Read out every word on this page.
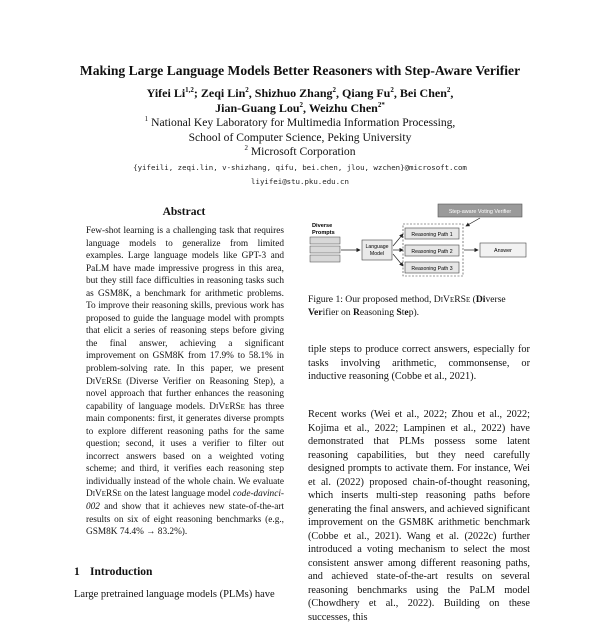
Making Large Language Models Better Reasoners with Step-Aware Verifier
Yifei Li$^{1,2}$; Zeqi Lin$^2$, Shizhuo Zhang$^2$, Qiang Fu$^2$, Bei Chen$^2$,
Jian-Guang Lou$^2$, Weizhu Chen$^{2*}$
$^1$ National Key Laboratory for Multimedia Information Processing,
School of Computer Science, Peking University
$^2$ Microsoft Corporation
{yifeili, zeqi.lin, v-shizhang, qifu, bei.chen, jlou, wzchen}@microsoft.com
liyifei@stu.pku.edu.cn
Abstract

Few-shot learning is a challenging task that requires language models to generalize from limited examples. Large language models like GPT-3 and PaLM have made impressive progress in this area, but they still face difficulties in reasoning tasks such as GSM8K, a benchmark for arithmetic problems. To improve their reasoning skills, previous work has proposed to guide the language model with prompts that elicit a series of reasoning steps before giving the final answer, achieving a significant improvement on GSM8K from 17.9% to 58.1% in problem-solving rate. In this paper, we present DiVeRSe (Diverse Verifier on Reasoning Step), a novel approach that further enhances the reasoning capability of language models. DiVeRSe has three main components: first, it generates diverse prompts to explore different reasoning paths for the same question; second, it uses a verifier to filter out incorrect answers based on a weighted voting scheme; and third, it verifies each reasoning step individually instead of the whole chain. We evaluate DiVeRSe on the latest language model code-davinci-002 and show that it achieves new state-of-the-art results on six of eight reasoning benchmarks (e.g., GSM8K 74.4% → 83.2%).

1 Introduction

Large pretrained language models (PLMs) have

Step-aware Voting Verifier
Diverse
Prompts
Language
Model
Reasoning Path 1
Reasoning Path 2
Reasoning Path 3
Answer

Figure 1: Our proposed method, DiVeRSe (Diverse Verifier on Reasoning Step).

tiple steps to produce correct answers, especially for tasks involving arithmetic, commonsense, or inductive reasoning (Cobbe et al., 2021).

Recent works (Wei et al., 2022; Zhou et al., 2022; Kojima et al., 2022; Lampinen et al., 2022) have demonstrated that PLMs possess some latent reasoning capabilities, but they need carefully designed prompts to activate them. For instance, Wei et al. (2022) proposed chain-of-thought reasoning, which inserts multi-step reasoning paths before generating the final answers, and achieved significant improvement on the GSM8K arithmetic benchmark (Cobbe et al., 2021). Wang et al. (2022c) further introduced a voting mechanism to select the most consistent answer among different reasoning paths, and achieved state-of-the-art results on several reasoning benchmarks using the PaLM model (Chowdhery et al., 2022). Building on these successes, this
